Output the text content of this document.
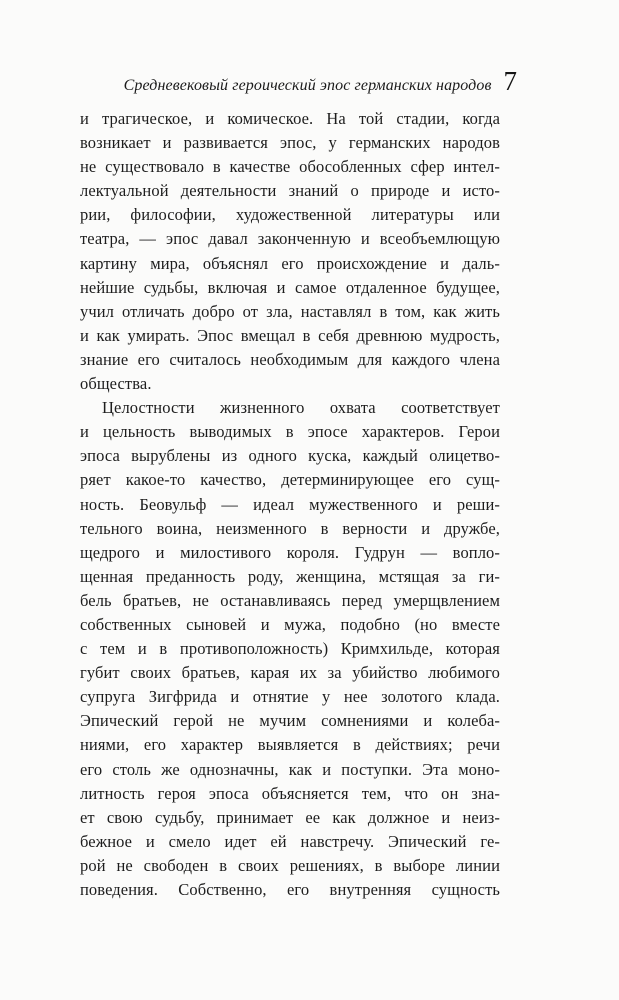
Средневековый героический эпос германских народов 7
и трагическое, и комическое. На той стадии, когда
возникает и развивается эпос, у германских народов
не существовало в качестве обособленных сфер интел-
лектуальной деятельности знаний о природе и исто-
рии, философии, художественной литературы или
театра, — эпос давал законченную и всеобъемлющую
картину мира, объяснял его происхождение и даль-
нейшие судьбы, включая и самое отдаленное будущее,
учил отличать добро от зла, наставлял в том, как жить
и как умирать. Эпос вмещал в себя древнюю мудрость,
знание его считалось необходимым для каждого члена
общества.
Целостности жизненного охвата соответствует
и цельность выводимых в эпосе характеров. Герои
эпоса вырублены из одного куска, каждый олицетво-
ряет какое-то качество, детерминирующее его сущ-
ность. Беовульф — идеал мужественного и реши-
тельного воина, неизменного в верности и дружбе,
щедрого и милостивого короля. Гудрун — вопло-
щенная преданность роду, женщина, мстящая за ги-
бель братьев, не останавливаясь перед умерщвлением
собственных сыновей и мужа, подобно (но вместе
с тем и в противоположность) Кримхильде, которая
губит своих братьев, карая их за убийство любимого
супруга Зигфрида и отнятие у нее золотого клада.
Эпический герой не мучим сомнениями и колеба-
ниями, его характер выявляется в действиях; речи
его столь же однозначны, как и поступки. Эта моно-
литность героя эпоса объясняется тем, что он зна-
ет свою судьбу, принимает ее как должное и неиз-
бежное и смело идет ей навстречу. Эпический ге-
рой не свободен в своих решениях, в выборе линии
поведения. Собственно, его внутренняя сущность
